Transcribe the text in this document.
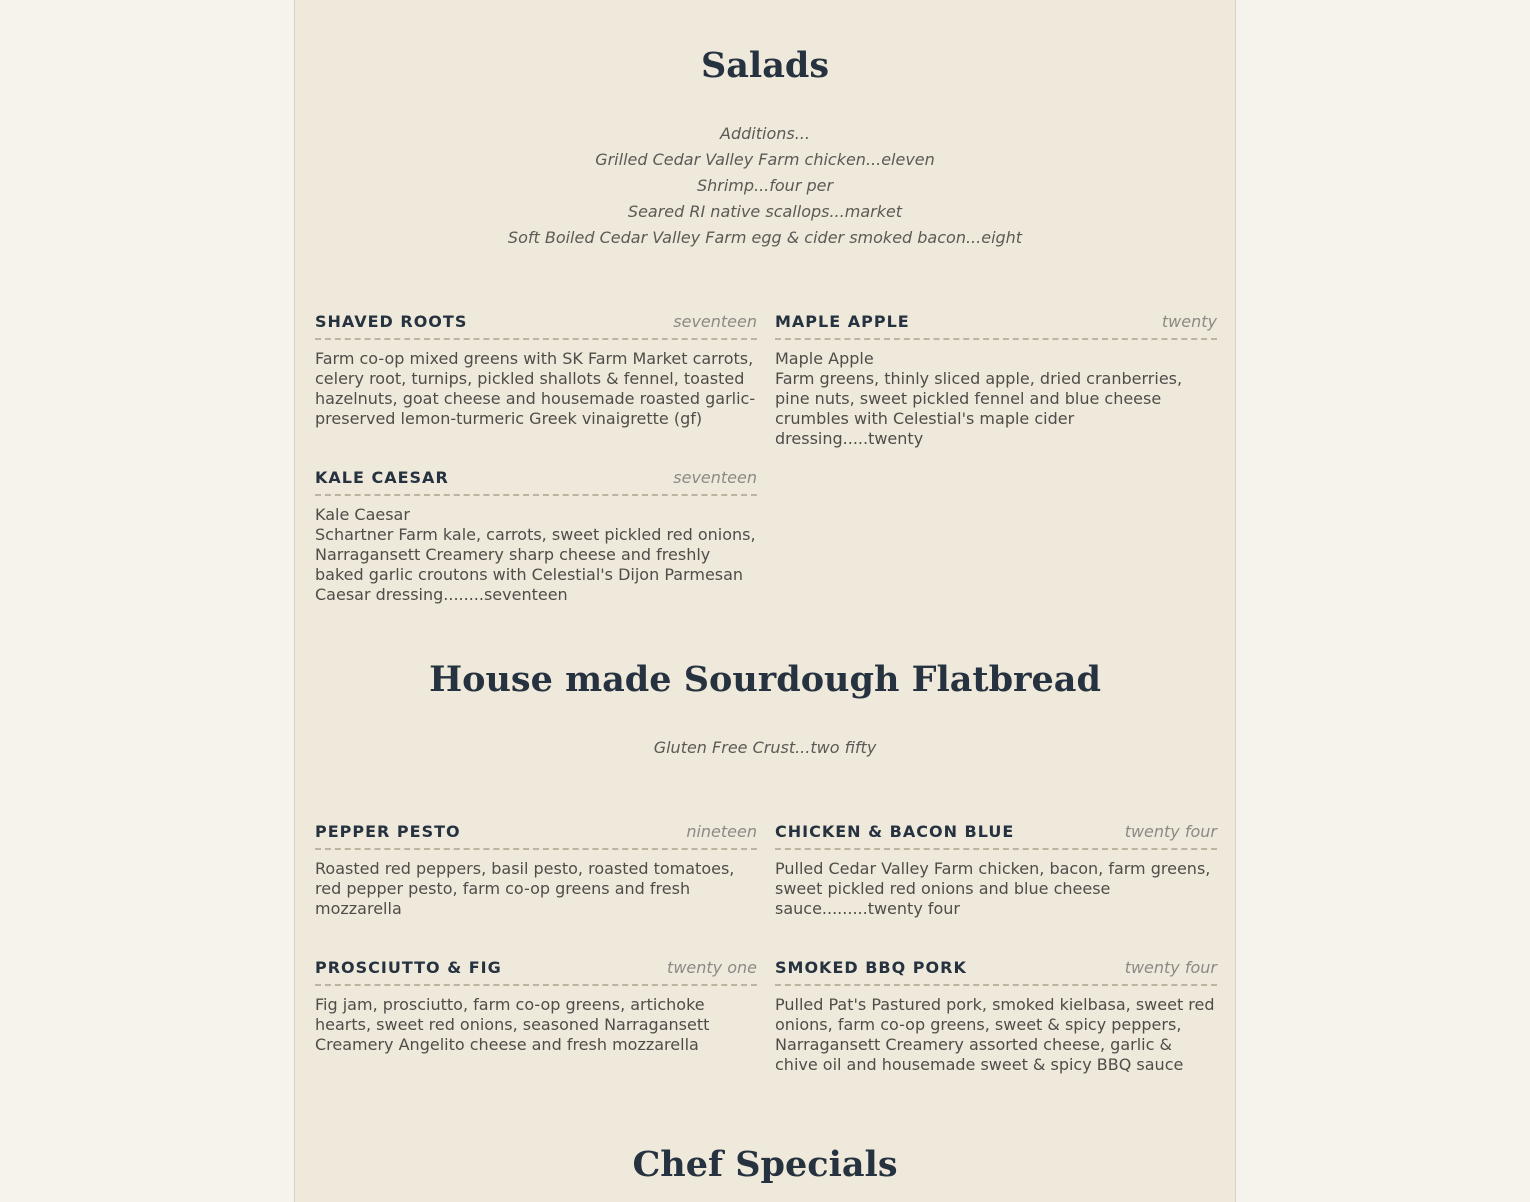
Salads
Additions...
Grilled Cedar Valley Farm chicken...eleven
Shrimp...four per
Seared RI native scallops...market
Soft Boiled Cedar Valley Farm egg & cider smoked bacon...eight
SHAVED ROOTS	seventeen
Farm co-op mixed greens with SK Farm Market carrots, celery root, turnips, pickled shallots & fennel, toasted hazelnuts, goat cheese and housemade roasted garlic-preserved lemon-turmeric Greek vinaigrette (gf)
MAPLE APPLE	twenty
Maple Apple
Farm greens, thinly sliced apple, dried cranberries, pine nuts, sweet pickled fennel and blue cheese crumbles with Celestial's maple cider dressing.....twenty
KALE CAESAR	seventeen
Kale Caesar
Schartner Farm kale, carrots, sweet pickled red onions, Narragansett Creamery sharp cheese and freshly baked garlic croutons with Celestial's Dijon Parmesan Caesar dressing........seventeen
House made Sourdough Flatbread
Gluten Free Crust...two fifty
PEPPER PESTO	nineteen
Roasted red peppers, basil pesto, roasted tomatoes, red pepper pesto, farm co-op greens and fresh mozzarella
CHICKEN & BACON BLUE	twenty four
Pulled Cedar Valley Farm chicken, bacon, farm greens, sweet pickled red onions and blue cheese sauce.........twenty four
PROSCIUTTO & FIG	twenty one
Fig jam, prosciutto, farm co-op greens, artichoke hearts, sweet red onions, seasoned Narragansett Creamery Angelito cheese and fresh mozzarella
SMOKED BBQ PORK	twenty four
Pulled Pat's Pastured pork, smoked kielbasa, sweet red onions, farm co-op greens, sweet & spicy peppers, Narragansett Creamery assorted cheese, garlic & chive oil and housemade sweet & spicy BBQ sauce
Chef Specials
